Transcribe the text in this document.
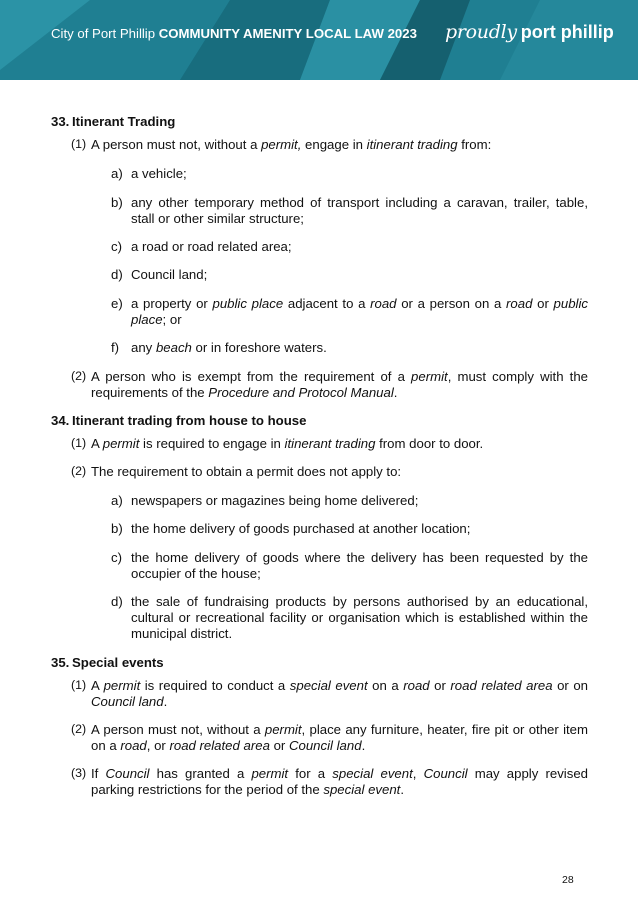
City of Port Phillip COMMUNITY AMENITY LOCAL LAW 2023 proudly port phillip
33. Itinerant Trading
(1) A person must not, without a permit, engage in itinerant trading from:
a) a vehicle;
b) any other temporary method of transport including a caravan, trailer, table, stall or other similar structure;
c) a road or road related area;
d) Council land;
e) a property or public place adjacent to a road or a person on a road or public place; or
f) any beach or in foreshore waters.
(2) A person who is exempt from the requirement of a permit, must comply with the requirements of the Procedure and Protocol Manual.
34. Itinerant trading from house to house
(1) A permit is required to engage in itinerant trading from door to door.
(2) The requirement to obtain a permit does not apply to:
a) newspapers or magazines being home delivered;
b) the home delivery of goods purchased at another location;
c) the home delivery of goods where the delivery has been requested by the occupier of the house;
d) the sale of fundraising products by persons authorised by an educational, cultural or recreational facility or organisation which is established within the municipal district.
35. Special events
(1) A permit is required to conduct a special event on a road or road related area or on Council land.
(2) A person must not, without a permit, place any furniture, heater, fire pit or other item on a road, or road related area or Council land.
(3) If Council has granted a permit for a special event, Council may apply revised parking restrictions for the period of the special event.
28
